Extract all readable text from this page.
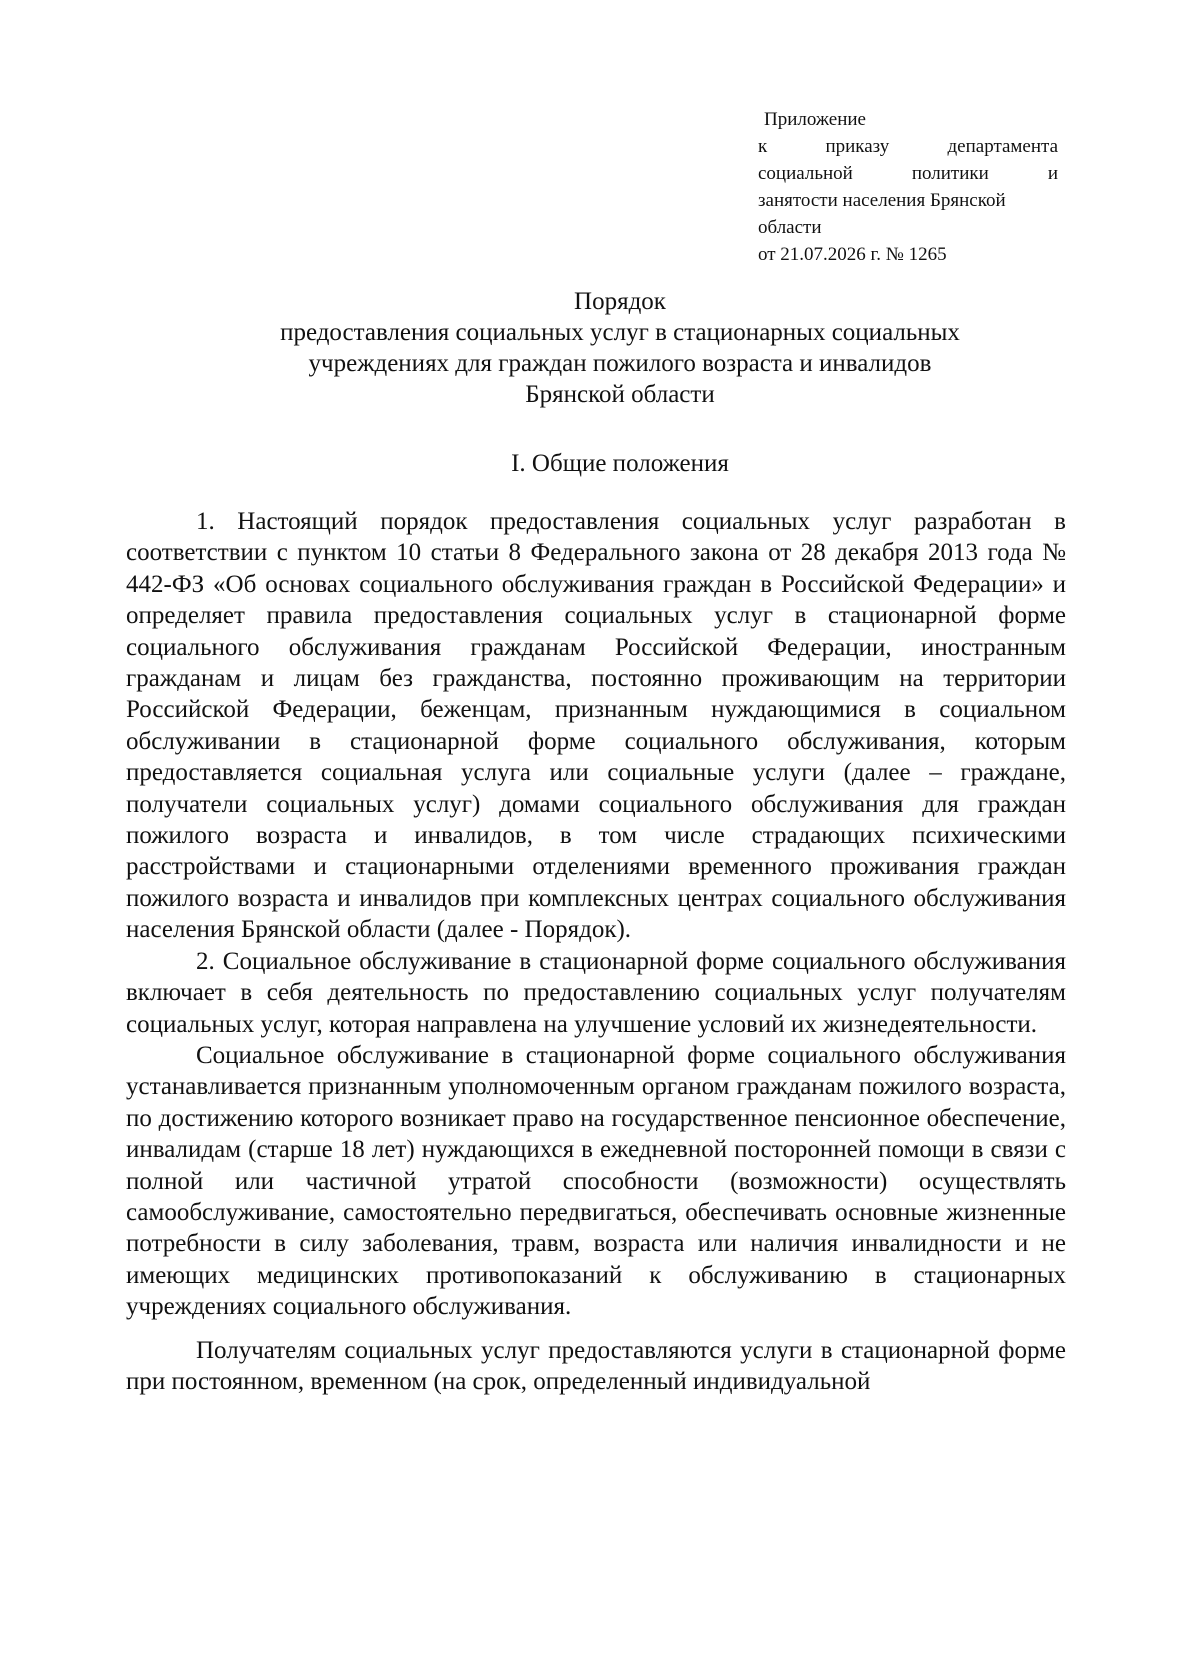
Приложение
к приказу департамента
социальной политики и
занятости населения Брянской
области
от 21.07.2026 г. № 1265
Порядок
предоставления социальных услуг в стационарных социальных
учреждениях для граждан пожилого возраста и инвалидов
Брянской области
I. Общие положения

1. Настоящий порядок предоставления социальных услуг разработан в соответствии с пунктом 10 статьи 8 Федерального закона от 28 декабря 2013 года № 442-ФЗ «Об основах социального обслуживания граждан в Российской Федерации» и определяет правила предоставления социальных услуг в стационарной форме социального обслуживания гражданам Российской Федерации, иностранным гражданам и лицам без гражданства, постоянно проживающим на территории Российской Федерации, беженцам, признанным нуждающимися в социальном обслуживании в стационарной форме социального обслуживания, которым предоставляется социальная услуга или социальные услуги (далее – граждане, получатели социальных услуг) домами социального обслуживания для граждан пожилого возраста и инвалидов, в том числе страдающих психическими расстройствами и стационарными отделениями временного проживания граждан пожилого возраста и инвалидов при комплексных центрах социального обслуживания населения Брянской области (далее - Порядок).

2. Социальное обслуживание в стационарной форме социального обслуживания включает в себя деятельность по предоставлению социальных услуг получателям социальных услуг, которая направлена на улучшение условий их жизнедеятельности.

Социальное обслуживание в стационарной форме социального обслуживания устанавливается признанным уполномоченным органом гражданам пожилого возраста, по достижению которого возникает право на государственное пенсионное обеспечение, инвалидам (старше 18 лет) нуждающихся в ежедневной посторонней помощи в связи с полной или частичной утратой способности (возможности) осуществлять самообслуживание, самостоятельно передвигаться, обеспечивать основные жизненные потребности в силу заболевания, травм, возраста или наличия инвалидности и не имеющих медицинских противопоказаний к обслуживанию в стационарных учреждениях социального обслуживания.

Получателям социальных услуг предоставляются услуги в стационарной форме при постоянном, временном (на срок, определенный индивидуальной
